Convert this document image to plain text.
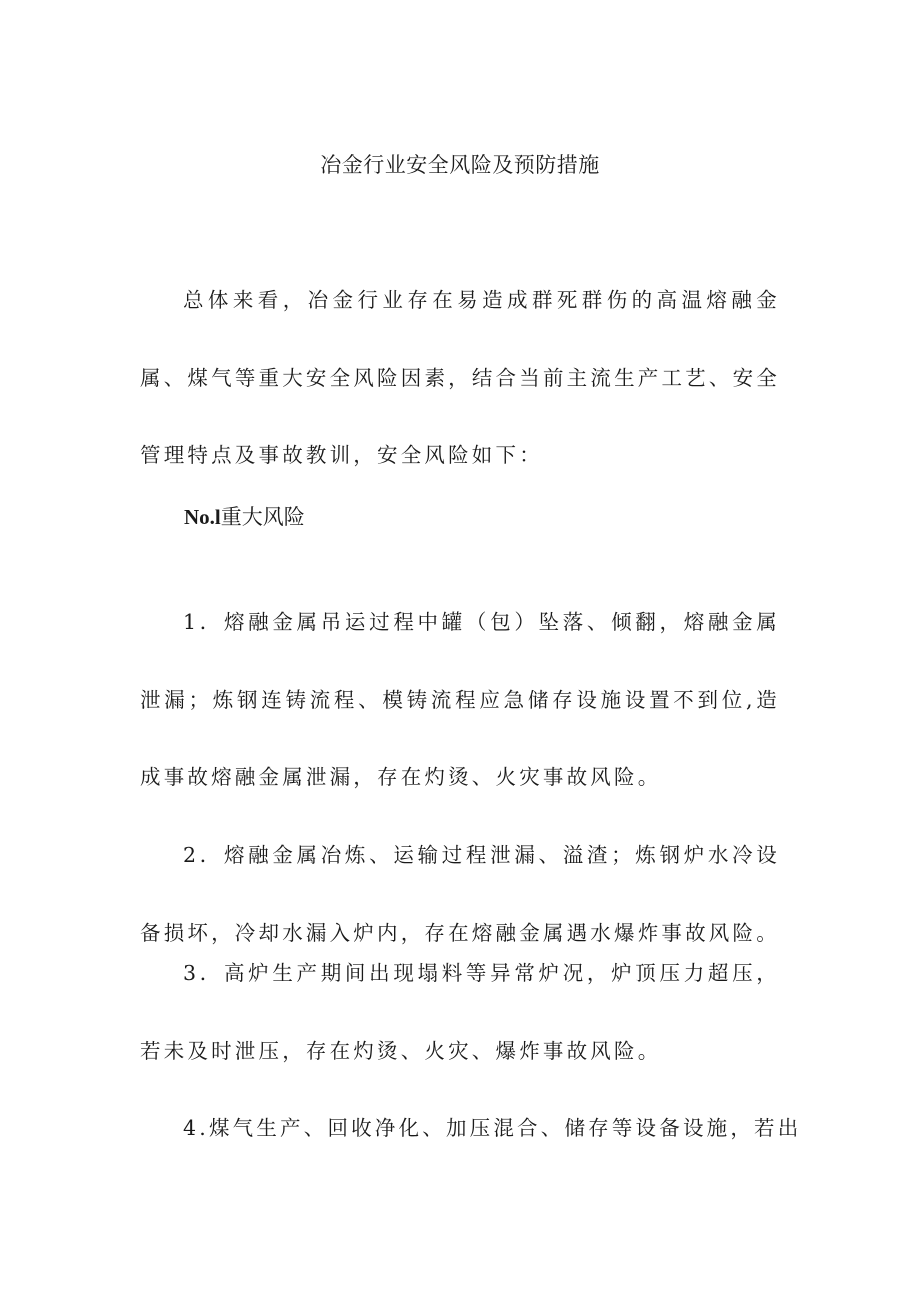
冶金行业安全风险及预防措施

总体来看，冶金行业存在易造成群死群伤的高温熔融金属、煤气等重大安全风险因素，结合当前主流生产工艺、安全管理特点及事故教训，安全风险如下：

No.l重大风险

1．熔融金属吊运过程中罐（包）坠落、倾翻，熔融金属泄漏；炼钢连铸流程、模铸流程应急储存设施设置不到位,造成事故熔融金属泄漏，存在灼烫、火灾事故风险。

2．熔融金属冶炼、运输过程泄漏、溢渣；炼钢炉水冷设备损坏，冷却水漏入炉内，存在熔融金属遇水爆炸事故风险。

3．高炉生产期间出现塌料等异常炉况，炉顶压力超压，若未及时泄压，存在灼烫、火灾、爆炸事故风险。

4.煤气生产、回收净化、加压混合、储存等设备设施，若出
